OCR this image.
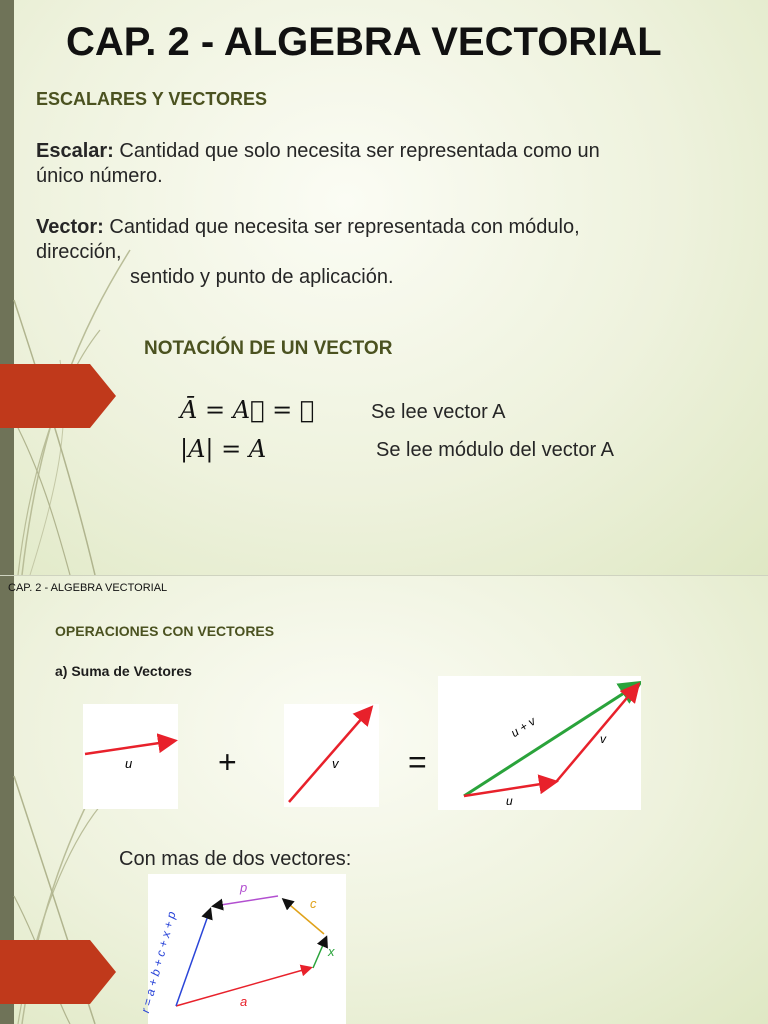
CAP. 2 - ALGEBRA VECTORIAL
ESCALARES Y VECTORES
Escalar: Cantidad que solo necesita ser representada como un
único número.
Vector: Cantidad que necesita ser representada con módulo,
dirección,
sentido y punto de aplicación.
NOTACIÓN DE UN VECTOR
Ā = A⃗ = 𝑨	Se lee vector A
|A| = A	Se lee módulo del vector A
CAP. 2 - ALGEBRA VECTORIAL
OPERACIONES CON VECTORES
a) Suma de Vectores
u	+	v =
u
v
u + v
Con mas de dos vectores:
a
x
c
p
r = a + b + c + x + p
